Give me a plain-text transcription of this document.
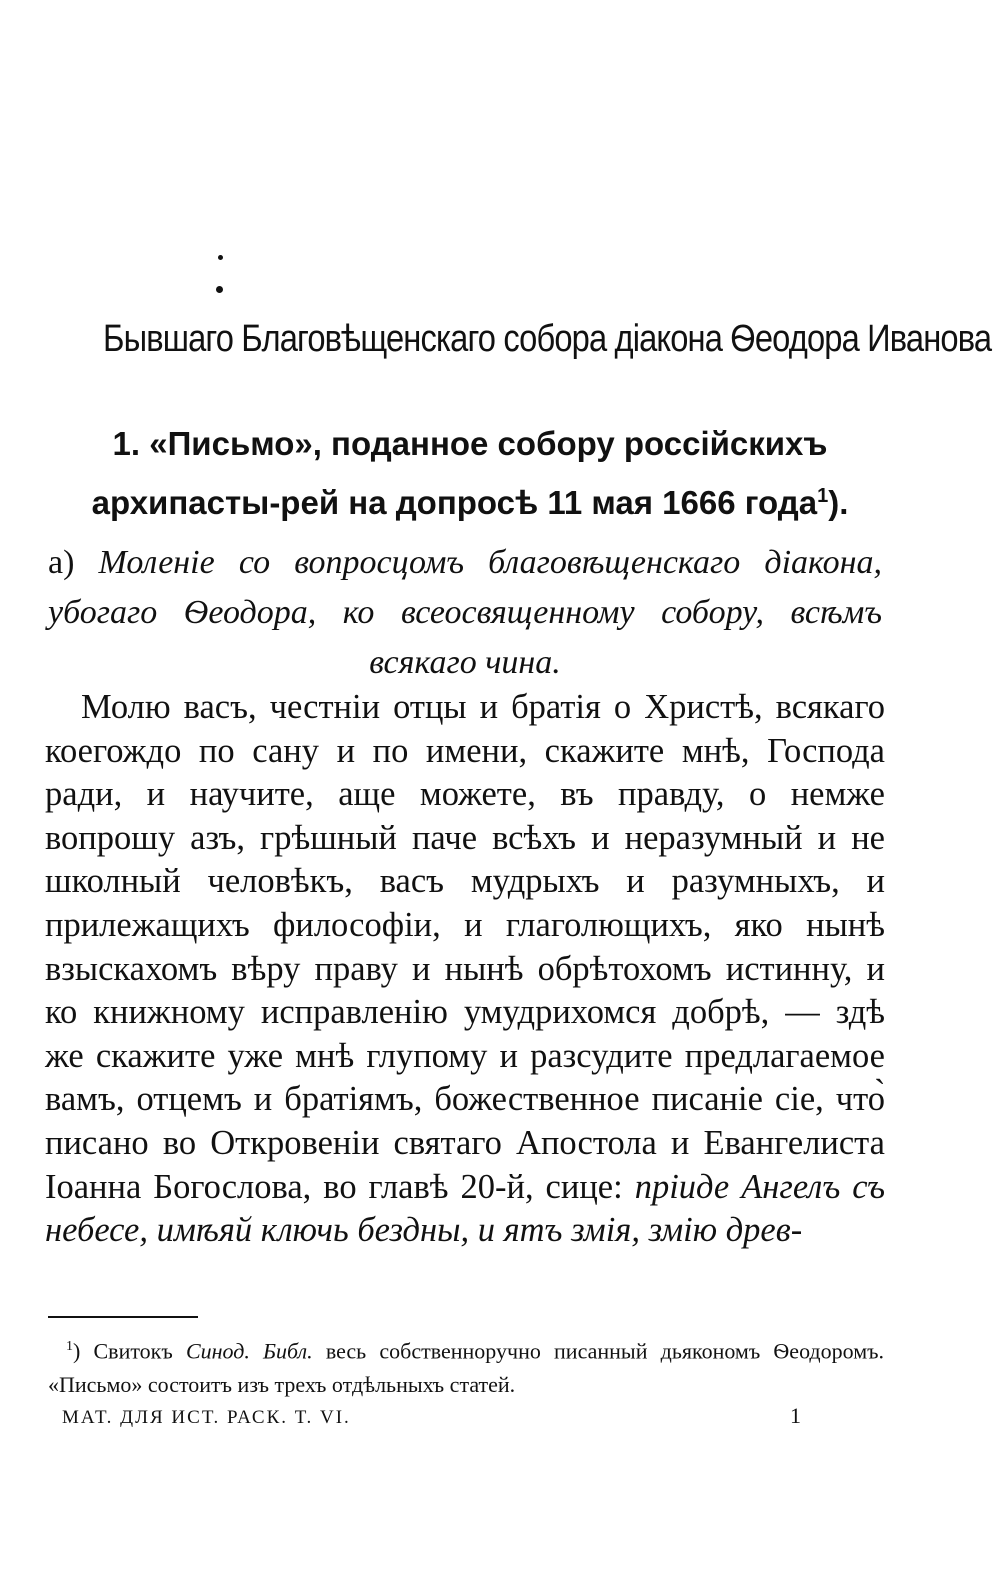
Бывшаго Благовѣщенскаго собора діакона Ѳеодора Иванова
1. «Письмо», поданное собору россійскихъ архипасты-рей на допросѣ 11 мая 1666 года$^1$).
а) Моленіе со вопросцомъ благовѣщенскаго діакона, убогаго Ѳеодора, ко всеосвященному собору, всѣмъ всякаго чина.
Молю васъ, честніи отцы и братія о Христѣ, всякаго коегождо по сану и по имени, скажите мнѣ, Господа ради, и научите, аще можете, въ правду, о немже вопрошу азъ, грѣшный паче всѣхъ и неразумный и не школный человѣкъ, васъ мудрыхъ и разумныхъ, и прилежащихъ философіи, и глаголющихъ, яко нынѣ взыскахомъ вѣру праву и нынѣ обрѣтохомъ истинну, и ко книжному исправленію умудрихомся добрѣ, — здѣ же скажите уже мнѣ глупому и разсудите предлагаемое вамъ, отцемъ и братіямъ, божественное писаніе сіе, что̀ писано во Откровеніи святаго Апостола и Евангелиста Іоанна Богослова, во главѣ 20-й, сице: пріиде Ангелъ съ небесе, имѣяй ключь бездны, и ятъ змія, змію древ-
$^1$) Свитокъ Синод. Библ. весь собственноручно писанный дьякономъ Ѳеодоромъ. «Письмо» состоитъ изъ трехъ отдѣльныхъ статей.
МАТ. ДЛЯ ИСТ. РАСК. Т. VI.	1
